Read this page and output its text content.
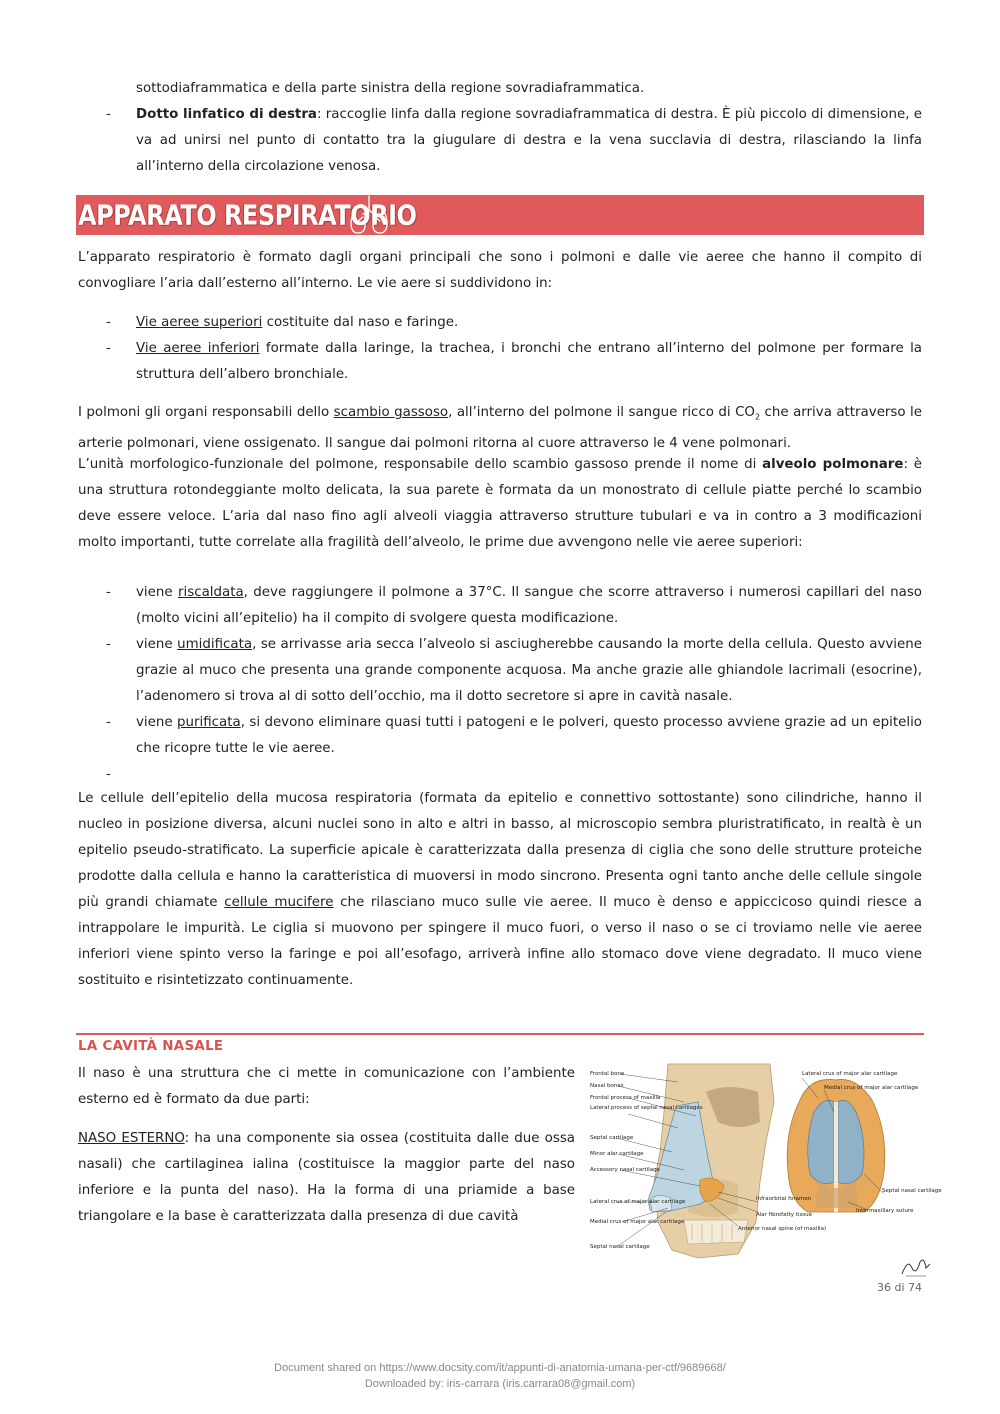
sottodiaframmatica e della parte sinistra della regione sovradiaframmatica.

- Dotto linfatico di destra: raccoglie linfa dalla regione sovradiaframmatica di destra. È più piccolo di dimensione, e va ad unirsi nel punto di contatto tra la giugulare di destra e la vena succlavia di destra, rilasciando la linfa all’interno della circolazione venosa.

APPARATO RESPIRATORIO

L’apparato respiratorio è formato dagli organi principali che sono i polmoni e dalle vie aeree che hanno il compito di convogliare l’aria dall’esterno all’interno. Le vie aere si suddividono in:

- Vie aeree superiori costituite dal naso e faringe.

- Vie aeree inferiori formate dalla laringe, la trachea, i bronchi che entrano all’interno del polmone per formare la struttura dell’albero bronchiale.

I polmoni gli organi responsabili dello scambio gassoso, all’interno del polmone il sangue ricco di $CO_2$ che arriva attraverso le arterie polmonari, viene ossigenato. Il sangue dai polmoni ritorna al cuore attraverso le 4 vene polmonari.

L’unità morfologico-funzionale del polmone, responsabile dello scambio gassoso prende il nome di alveolo polmonare: è una struttura rotondeggiante molto delicata, la sua parete è formata da un monostrato di cellule piatte perché lo scambio deve essere veloce. L’aria dal naso fino agli alveoli viaggia attraverso strutture tubulari e va in contro a 3 modificazioni molto importanti, tutte correlate alla fragilità dell’alveolo, le prime due avvengono nelle vie aeree superiori:

- viene riscaldata, deve raggiungere il polmone a 37°C. Il sangue che scorre attraverso i numerosi capillari del naso (molto vicini all’epitelio) ha il compito di svolgere questa modificazione.

- viene umidificata, se arrivasse aria secca l’alveolo si asciugherebbe causando la morte della cellula. Questo avviene grazie al muco che presenta una grande componente acquosa. Ma anche grazie alle ghiandole lacrimali (esocrine), l’adenomero si trova al di sotto dell’occhio, ma il dotto secretore si apre in cavità nasale.

- viene purificata, si devono eliminare quasi tutti i patogeni e le polveri, questo processo avviene grazie ad un epitelio che ricopre tutte le vie aeree.

-

Le cellule dell’epitelio della mucosa respiratoria (formata da epitelio e connettivo sottostante) sono cilindriche, hanno il nucleo in posizione diversa, alcuni nuclei sono in alto e altri in basso, al microscopio sembra pluristratificato, in realtà è un epitelio pseudo-stratificato. La superficie apicale è caratterizzata dalla presenza di ciglia che sono delle strutture proteiche prodotte dalla cellula e hanno la caratteristica di muoversi in modo sincrono. Presenta ogni tanto anche delle cellule singole più grandi chiamate cellule mucifere che rilasciano muco sulle vie aeree. Il muco è denso e appiccicoso quindi riesce a intrappolare le impurità. Le ciglia si muovono per spingere il muco fuori, o verso il naso o se ci troviamo nelle vie aeree inferiori viene spinto verso la faringe e poi all’esofago, arriverà infine allo stomaco dove viene degradato. Il muco viene sostituito e risintetizzato continuamente.

LA CAVITÀ NASALE

Il naso è una struttura che ci mette in comunicazione con l’ambiente esterno ed è formato da due parti:

NASO ESTERNO: ha una componente sia ossea (costituita dalle due ossa nasali) che cartilaginea ialina (costituisce la maggior parte del naso inferiore e la punta del naso). Ha la forma di una priamide a base triangolare e la base è caratterizzata dalla presenza di due cavità

Frontal bone
Nasal bones
Frontal process of maxilla
Lateral process of septal nasal cartilages
Septal cartilage
Minor alar cartilage
Accessory nasal cartilage
Lateral crus of major alar cartilage
Medial crus of major alar cartilage
Septal nasal cartilage
Infraorbital foramen
Alar fibrofatty tissue
Anterior nasal spine (of maxilla)
Lateral crus of major alar cartilage
Medial crus of major alar cartilage
Septal nasal cartilage
Intermaxillary suture
36 di 74
Document shared on https://www.docsity.com/it/appunti-di-anatomia-umana-per-ctf/9689668/
Downloaded by: iris-carrara (iris.carrara08@gmail.com)
